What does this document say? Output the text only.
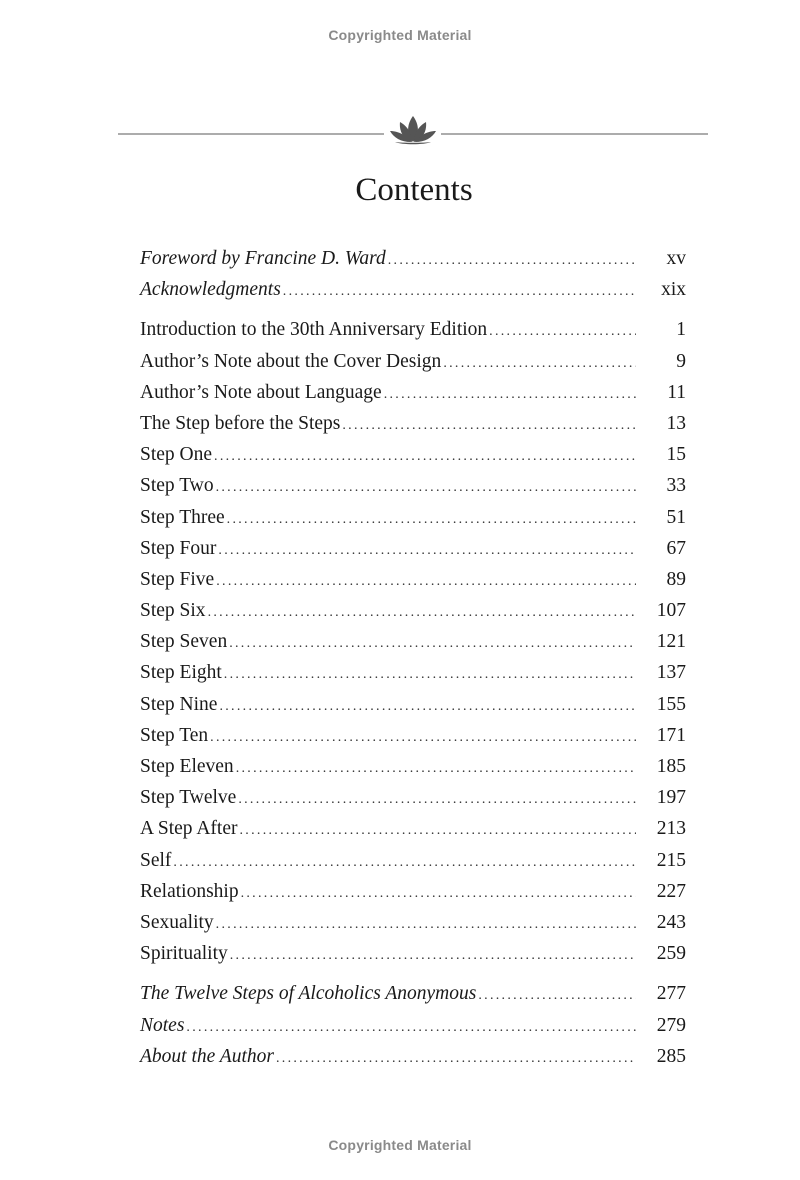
Copyrighted Material
Contents
Foreword by Francine D. Ward . . .	xv
Acknowledgments . . .	xix
Introduction to the 30th Anniversary Edition . . .	1
Author’s Note about the Cover Design . . .	9
Author’s Note about Language . . .	11
The Step before the Steps . . .	13
Step One . . .	15
Step Two . . .	33
Step Three . . .	51
Step Four . . .	67
Step Five . . .	89
Step Six . . .	107
Step Seven . . .	121
Step Eight . . .	137
Step Nine . . .	155
Step Ten . . .	171
Step Eleven . . .	185
Step Twelve . . .	197
A Step After . . .	213
Self . . .	215
Relationship . . .	227
Sexuality . . .	243
Spirituality . . .	259
The Twelve Steps of Alcoholics Anonymous . . .	277
Notes . . .	279
About the Author . . .	285
Copyrighted Material
